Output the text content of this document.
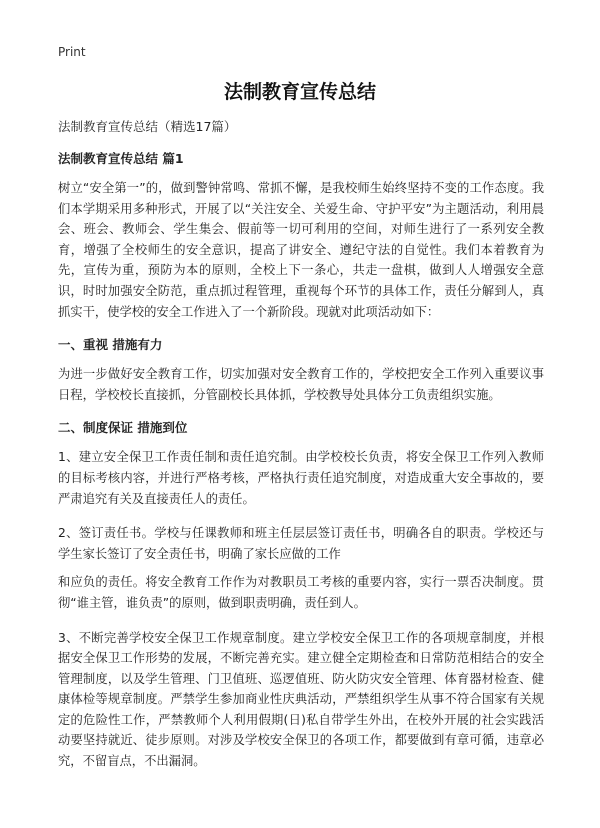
Print
法制教育宣传总结
法制教育宣传总结（精选17篇）
法制教育宣传总结 篇1

树立“安全第一”的，做到警钟常鸣、常抓不懈，是我校师生始终坚持不变的工作态度。我们本学期采用多种形式，开展了以“关注安全、关爱生命、守护平安”为主题活动，利用晨会、班会、教师会、学生集会、假前等一切可利用的空间，对师生进行了一系列安全教育，增强了全校师生的安全意识，提高了讲安全、遵纪守法的自觉性。我们本着教育为先，宣传为重，预防为本的原则，全校上下一条心，共走一盘棋，做到人人增强安全意识，时时加强安全防范，重点抓过程管理，重视每个环节的具体工作，责任分解到人，真抓实干，使学校的安全工作进入了一个新阶段。现就对此项活动如下：

一、重视 措施有力

为进一步做好安全教育工作，切实加强对安全教育工作的，学校把安全工作列入重要议事日程，学校校长直接抓，分管副校长具体抓，学校教导处具体分工负责组织实施。

二、制度保证 措施到位

1、建立安全保卫工作责任制和责任追究制。由学校校长负责，将安全保卫工作列入教师的目标考核内容，并进行严格考核，严格执行责任追究制度，对造成重大安全事故的，要严肃追究有关及直接责任人的责任。

2、签订责任书。学校与任课教师和班主任层层签订责任书，明确各自的职责。学校还与学生家长签订了安全责任书，明确了家长应做的工作

和应负的责任。将安全教育工作作为对教职员工考核的重要内容，实行一票否决制度。贯彻“谁主管，谁负责”的原则，做到职责明确，责任到人。

3、不断完善学校安全保卫工作规章制度。建立学校安全保卫工作的各项规章制度，并根据安全保卫工作形势的发展，不断完善充实。建立健全定期检查和日常防范相结合的安全管理制度，以及学生管理、门卫值班、巡逻值班、防火防灾安全管理、体育器材检查、健康体检等规章制度。严禁学生参加商业性庆典活动，严禁组织学生从事不符合国家有关规定的危险性工作，严禁教师个人利用假期(日)私自带学生外出，在校外开展的社会实践活动要坚持就近、徒步原则。对涉及学校安全保卫的各项工作，都要做到有章可循，违章必究，不留盲点，不出漏洞。
